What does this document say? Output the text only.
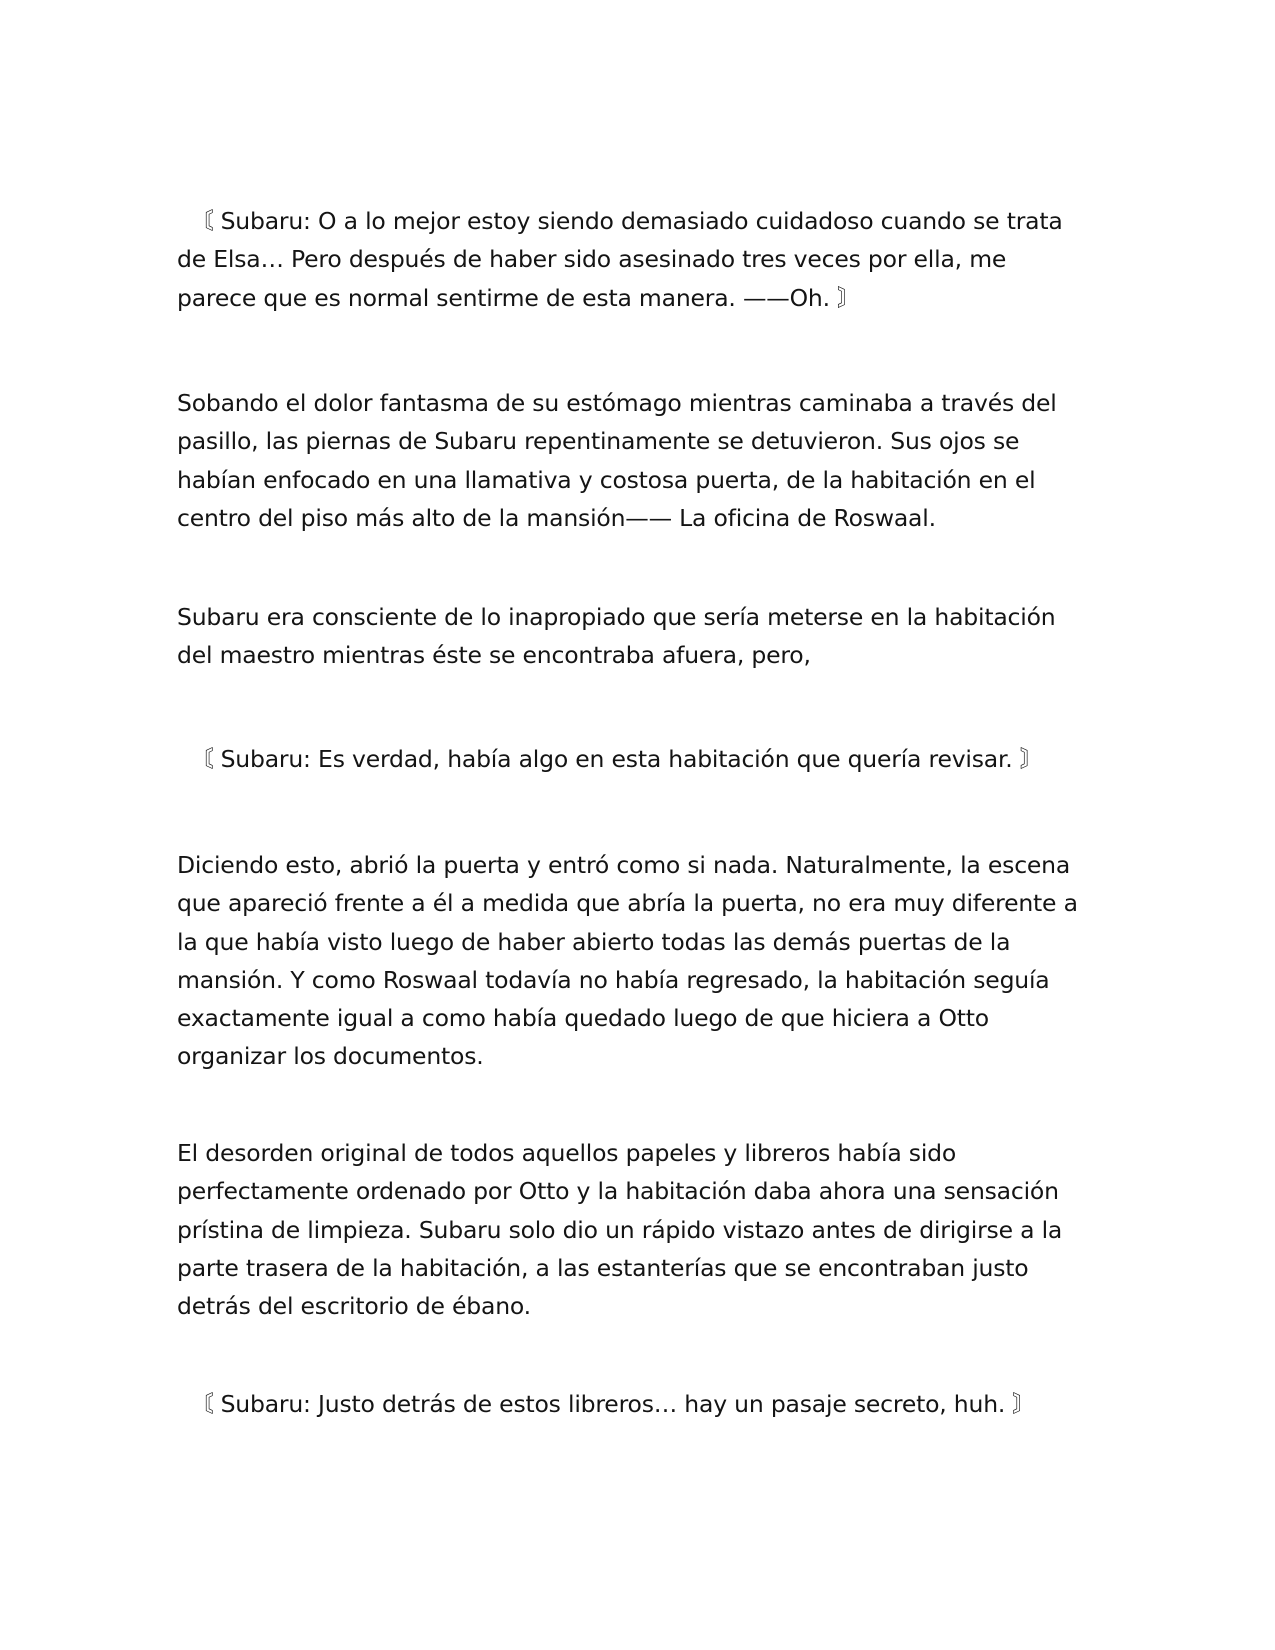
〘 Subaru: O a lo mejor estoy siendo demasiado cuidadoso cuando se trata
de Elsa… Pero después de haber sido asesinado tres veces por ella, me
parece que es normal sentirme de esta manera. ——Oh. 〙

Sobando el dolor fantasma de su estómago mientras caminaba a través del
pasillo, las piernas de Subaru repentinamente se detuvieron. Sus ojos se
habían enfocado en una llamativa y costosa puerta, de la habitación en el
centro del piso más alto de la mansión—— La oficina de Roswaal.

Subaru era consciente de lo inapropiado que sería meterse en la habitación
del maestro mientras éste se encontraba afuera, pero,

〘 Subaru: Es verdad, había algo en esta habitación que quería revisar. 〙

Diciendo esto, abrió la puerta y entró como si nada. Naturalmente, la escena
que apareció frente a él a medida que abría la puerta, no era muy diferente a
la que había visto luego de haber abierto todas las demás puertas de la
mansión. Y como Roswaal todavía no había regresado, la habitación seguía
exactamente igual a como había quedado luego de que hiciera a Otto
organizar los documentos.

El desorden original de todos aquellos papeles y libreros había sido
perfectamente ordenado por Otto y la habitación daba ahora una sensación
prístina de limpieza. Subaru solo dio un rápido vistazo antes de dirigirse a la
parte trasera de la habitación, a las estanterías que se encontraban justo
detrás del escritorio de ébano.

〘 Subaru: Justo detrás de estos libreros… hay un pasaje secreto, huh. 〙
